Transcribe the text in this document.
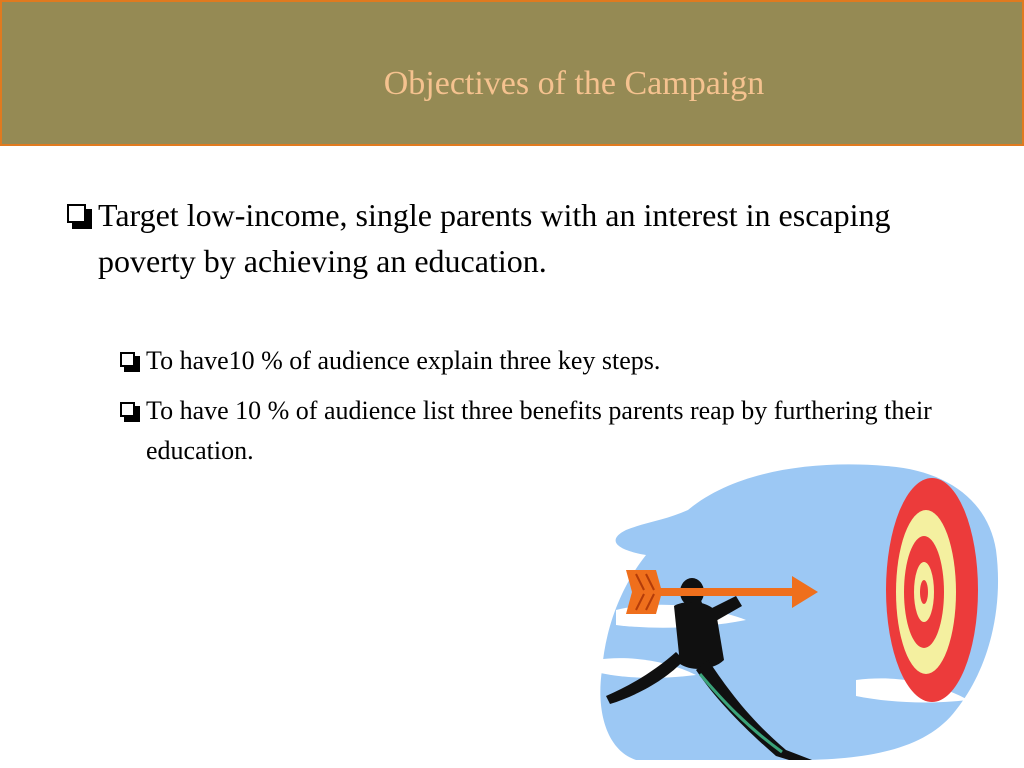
Objectives of the Campaign
Target low-income, single parents with an interest in escaping poverty by achieving an education.
To have10 % of audience explain three key steps.
To have 10 % of audience list three benefits parents reap by furthering their education.
